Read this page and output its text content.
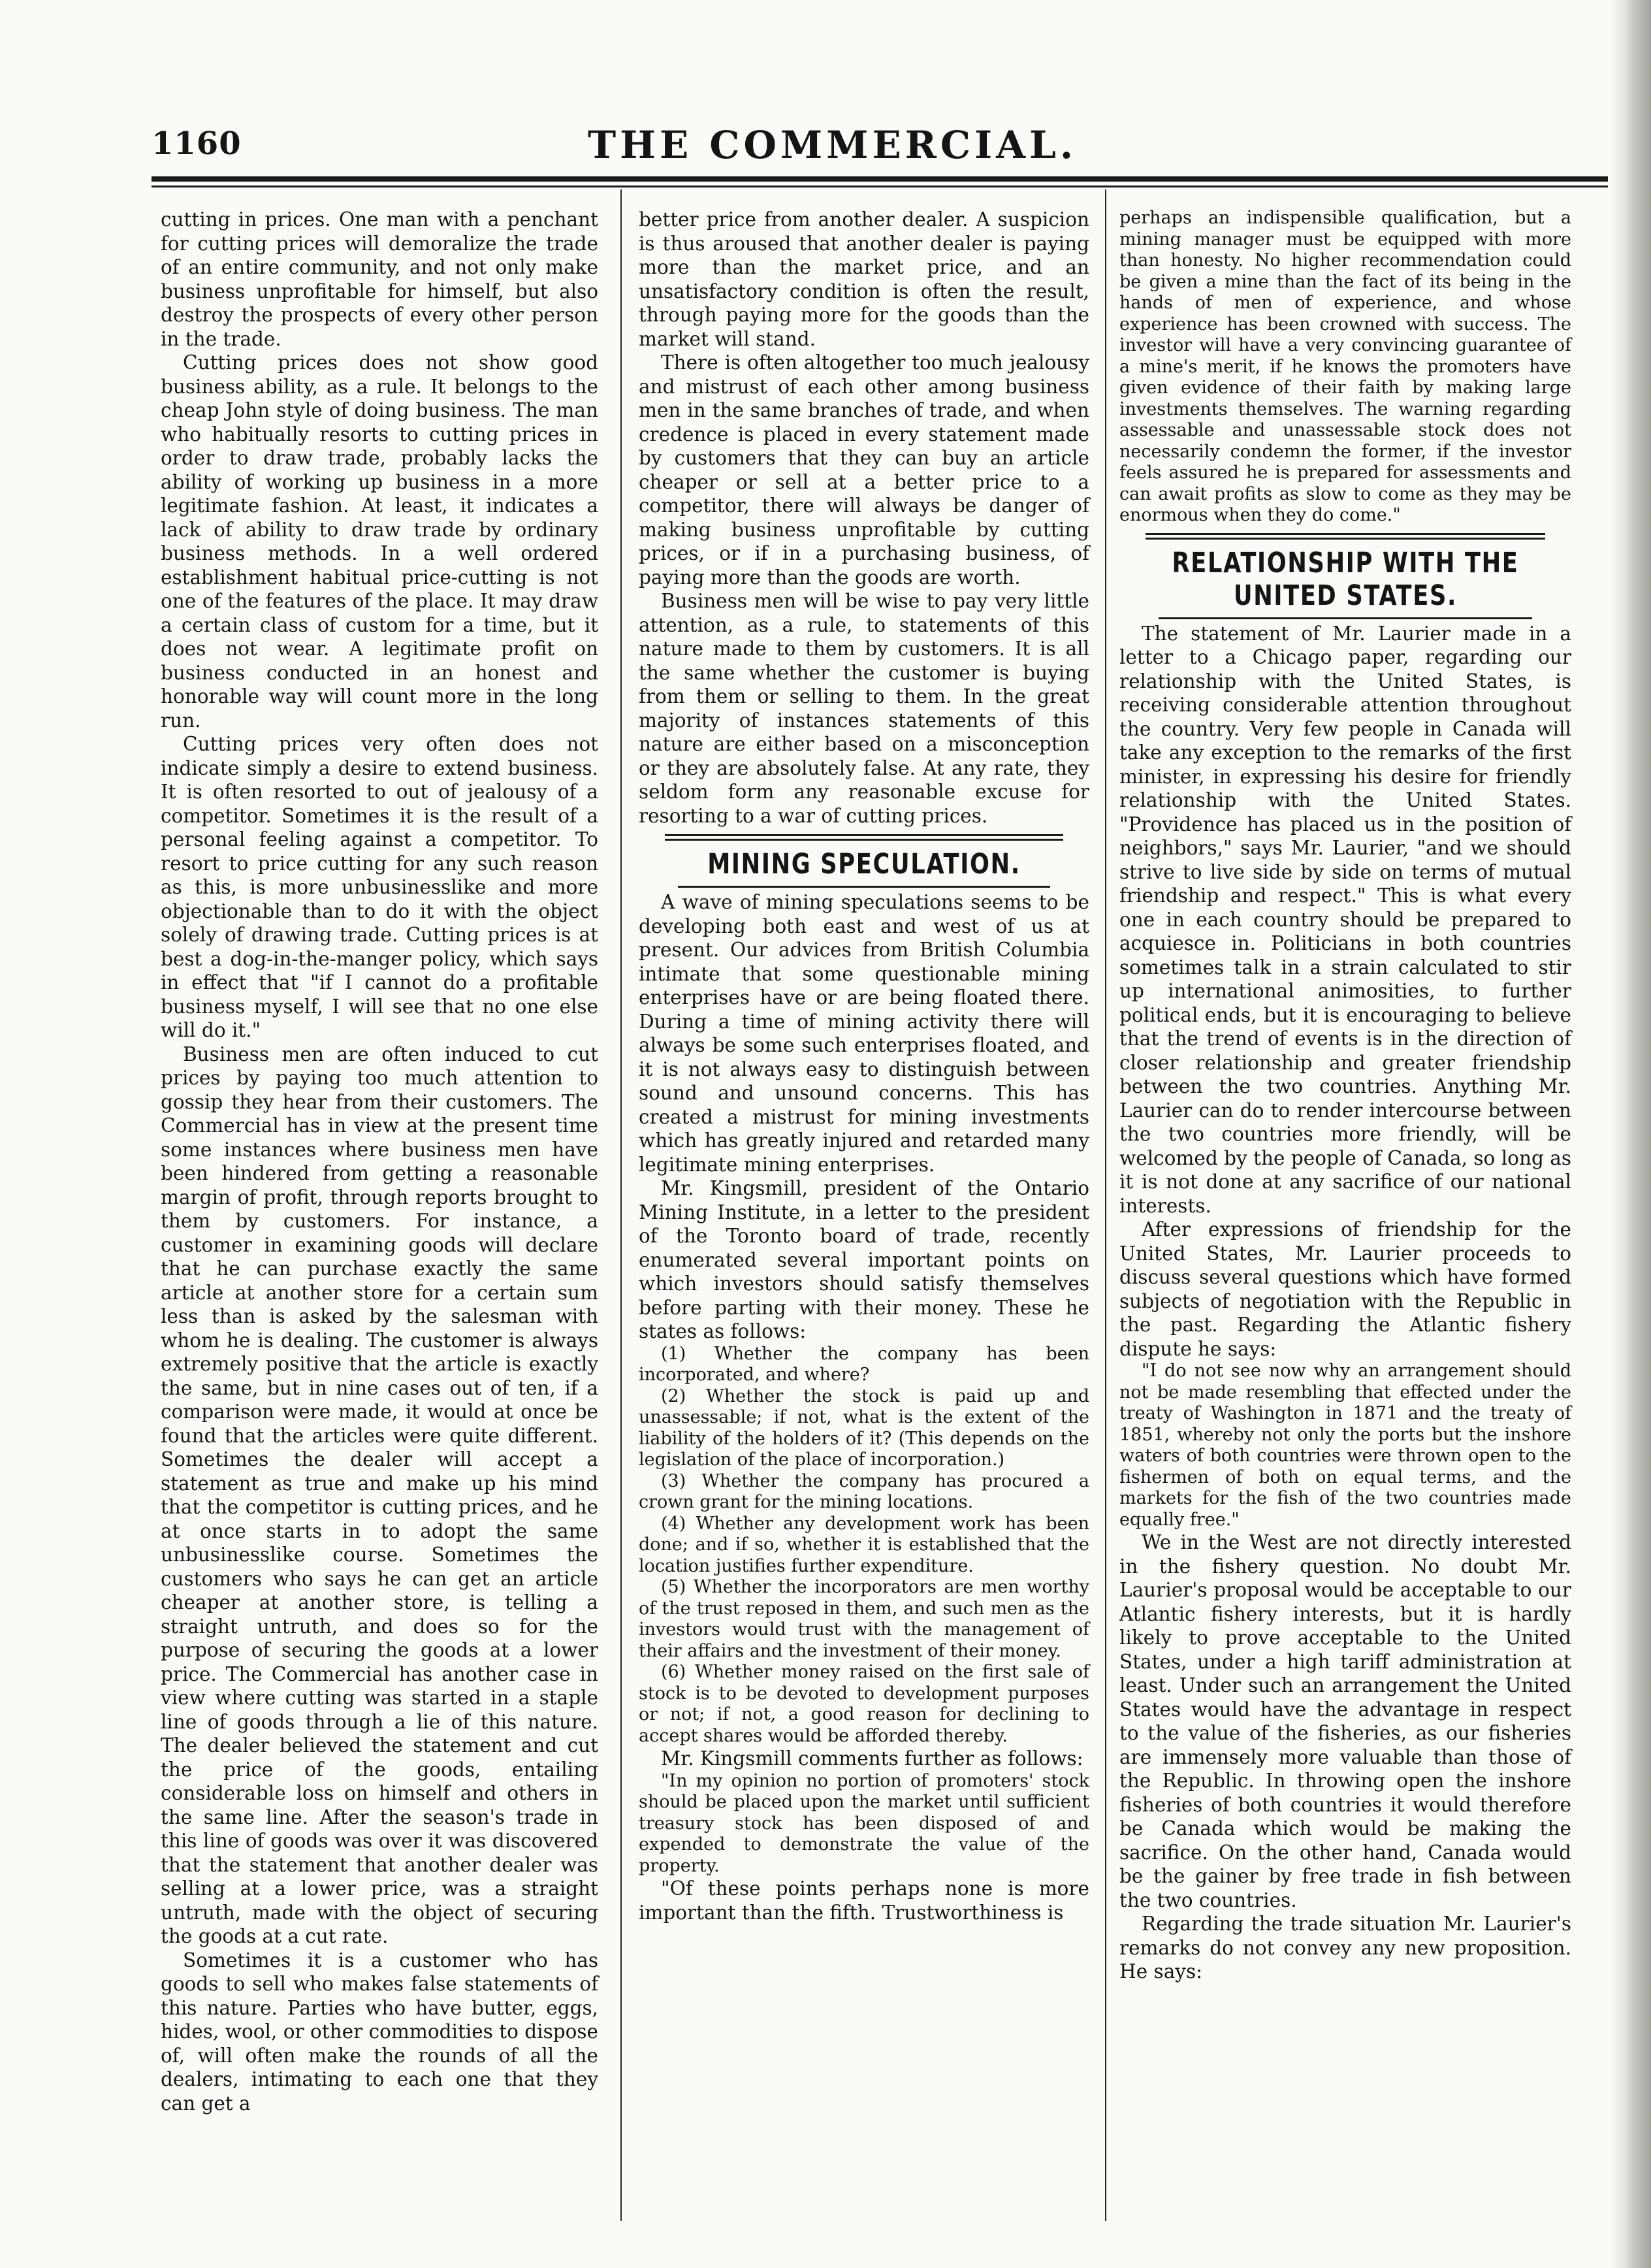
1160	THE COMMERCIAL.

cutting in prices. One man with a penchant for cutting prices will demoralize the trade of an entire community, and not only make business unprofitable for himself, but also destroy the prospects of every other person in the trade.

Cutting prices does not show good business ability, as a rule. It belongs to the cheap John style of doing business. The man who habitually resorts to cutting prices in order to draw trade, probably lacks the ability of working up business in a more legitimate fashion. At least, it indicates a lack of ability to draw trade by ordinary business methods. In a well ordered establishment habitual price-cutting is not one of the features of the place. It may draw a certain class of custom for a time, but it does not wear. A legitimate profit on business conducted in an honest and honorable way will count more in the long run.

Cutting prices very often does not indicate simply a desire to extend business. It is often resorted to out of jealousy of a competitor. Sometimes it is the result of a personal feeling against a competitor. To resort to price cutting for any such reason as this, is more unbusinesslike and more objectionable than to do it with the object solely of drawing trade. Cutting prices is at best a dog-in-the-manger policy, which says in effect that "if I cannot do a profitable business myself, I will see that no one else will do it."

Business men are often induced to cut prices by paying too much attention to gossip they hear from their customers. The Commercial has in view at the present time some instances where business men have been hindered from getting a reasonable margin of profit, through reports brought to them by customers. For instance, a customer in examining goods will declare that he can purchase exactly the same article at another store for a certain sum less than is asked by the salesman with whom he is dealing. The customer is always extremely positive that the article is exactly the same, but in nine cases out of ten, if a comparison were made, it would at once be found that the articles were quite different. Sometimes the dealer will accept a statement as true and make up his mind that the competitor is cutting prices, and he at once starts in to adopt the same unbusinesslike course. Sometimes the customers who says he can get an article cheaper at another store, is telling a straight untruth, and does so for the purpose of securing the goods at a lower price. The Commercial has another case in view where cutting was started in a staple line of goods through a lie of this nature. The dealer believed the statement and cut the price of the goods, entailing considerable loss on himself and others in the same line. After the season's trade in this line of goods was over it was discovered that the statement that another dealer was selling at a lower price, was a straight untruth, made with the object of securing the goods at a cut rate.

Sometimes it is a customer who has goods to sell who makes false statements of this nature. Parties who have butter, eggs, hides, wool, or other commodities to dispose of, will often make the rounds of all the dealers, intimating to each one that they can get a

better price from another dealer. A suspicion is thus aroused that another dealer is paying more than the market price, and an unsatisfactory condition is often the result, through paying more for the goods than the market will stand.

There is often altogether too much jealousy and mistrust of each other among business men in the same branches of trade, and when credence is placed in every statement made by customers that they can buy an article cheaper or sell at a better price to a competitor, there will always be danger of making business unprofitable by cutting prices, or if in a purchasing business, of paying more than the goods are worth.

Business men will be wise to pay very little attention, as a rule, to statements of this nature made to them by customers. It is all the same whether the customer is buying from them or selling to them. In the great majority of instances statements of this nature are either based on a misconception or they are absolutely false. At any rate, they seldom form any reasonable excuse for resorting to a war of cutting prices.

MINING SPECULATION.

A wave of mining speculations seems to be developing both east and west of us at present. Our advices from British Columbia intimate that some questionable mining enterprises have or are being floated there. During a time of mining activity there will always be some such enterprises floated, and it is not always easy to distinguish between sound and unsound concerns. This has created a mistrust for mining investments which has greatly injured and retarded many legitimate mining enterprises.

Mr. Kingsmill, president of the Ontario Mining Institute, in a letter to the president of the Toronto board of trade, recently enumerated several important points on which investors should satisfy themselves before parting with their money. These he states as follows:

(1) Whether the company has been incorporated, and where?

(2) Whether the stock is paid up and unassessable; if not, what is the extent of the liability of the holders of it? (This depends on the legislation of the place of incorporation.)

(3) Whether the company has procured a crown grant for the mining locations.

(4) Whether any development work has been done; and if so, whether it is established that the location justifies further expenditure.

(5) Whether the incorporators are men worthy of the trust reposed in them, and such men as the investors would trust with the management of their affairs and the investment of their money.

(6) Whether money raised on the first sale of stock is to be devoted to development purposes or not; if not, a good reason for declining to accept shares would be afforded thereby.

Mr. Kingsmill comments further as follows:

"In my opinion no portion of promoters' stock should be placed upon the market until sufficient treasury stock has been disposed of and expended to demonstrate the value of the property.

"Of these points perhaps none is more important than the fifth. Trustworthiness is

perhaps an indispensible qualification, but a mining manager must be equipped with more than honesty. No higher recommendation could be given a mine than the fact of its being in the hands of men of experience, and whose experience has been crowned with success. The investor will have a very convincing guarantee of a mine's merit, if he knows the promoters have given evidence of their faith by making large investments themselves. The warning regarding assessable and unassessable stock does not necessarily condemn the former, if the investor feels assured he is prepared for assessments and can await profits as slow to come as they may be enormous when they do come."

RELATIONSHIP WITH THE UNITED STATES.

The statement of Mr. Laurier made in a letter to a Chicago paper, regarding our relationship with the United States, is receiving considerable attention throughout the country. Very few people in Canada will take any exception to the remarks of the first minister, in expressing his desire for friendly relationship with the United States. "Providence has placed us in the position of neighbors," says Mr. Laurier, "and we should strive to live side by side on terms of mutual friendship and respect." This is what every one in each country should be prepared to acquiesce in. Politicians in both countries sometimes talk in a strain calculated to stir up international animosities, to further political ends, but it is encouraging to believe that the trend of events is in the direction of closer relationship and greater friendship between the two countries. Anything Mr. Laurier can do to render intercourse between the two countries more friendly, will be welcomed by the people of Canada, so long as it is not done at any sacrifice of our national interests.

After expressions of friendship for the United States, Mr. Laurier proceeds to discuss several questions which have formed subjects of negotiation with the Republic in the past. Regarding the Atlantic fishery dispute he says:

"I do not see now why an arrangement should not be made resembling that effected under the treaty of Washington in 1871 and the treaty of 1851, whereby not only the ports but the inshore waters of both countries were thrown open to the fishermen of both on equal terms, and the markets for the fish of the two countries made equally free."

We in the West are not directly interested in the fishery question. No doubt Mr. Laurier's proposal would be acceptable to our Atlantic fishery interests, but it is hardly likely to prove acceptable to the United States, under a high tariff administration at least. Under such an arrangement the United States would have the advantage in respect to the value of the fisheries, as our fisheries are immensely more valuable than those of the Republic. In throwing open the inshore fisheries of both countries it would therefore be Canada which would be making the sacrifice. On the other hand, Canada would be the gainer by free trade in fish between the two countries.

Regarding the trade situation Mr. Laurier's remarks do not convey any new proposition. He says:
